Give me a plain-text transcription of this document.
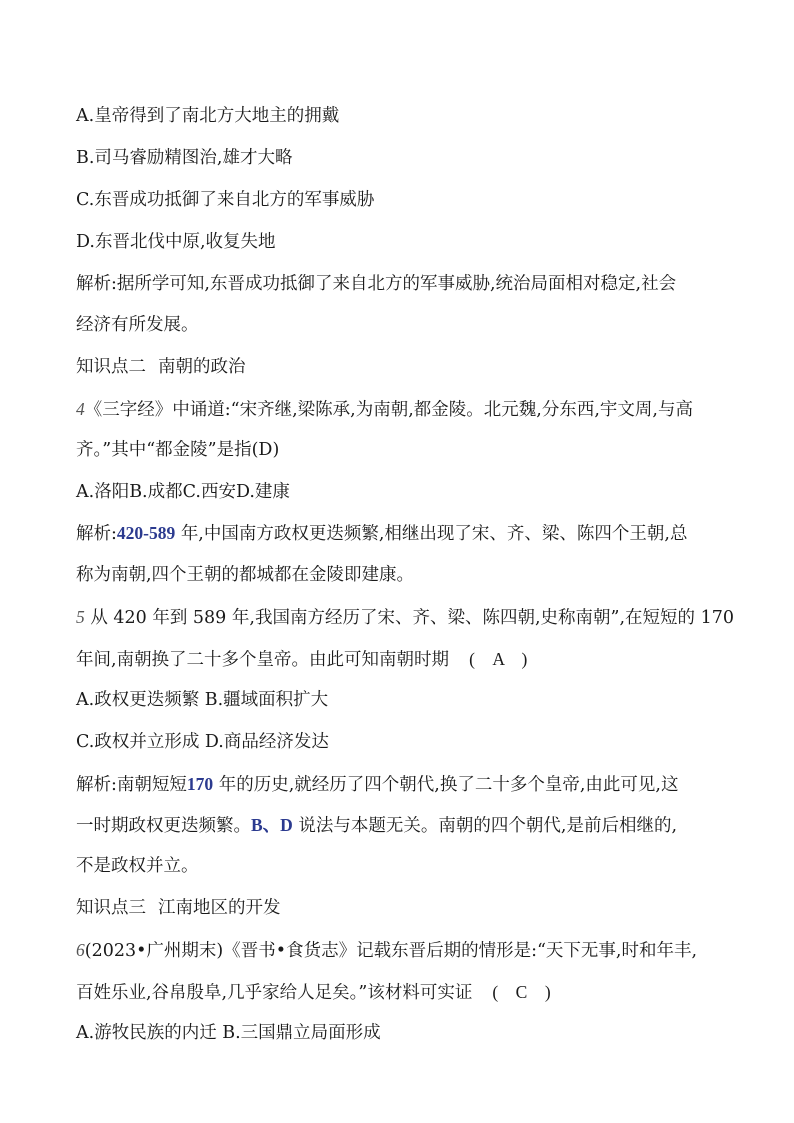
A.皇帝得到了南北方大地主的拥戴
B.司马睿励精图治,雄才大略
C.东晋成功抵御了来自北方的军事威胁
D.东晋北伐中原,收复失地
解析:据所学可知,东晋成功抵御了来自北方的军事威胁,统治局面相对稳定,社会
经济有所发展。
知识点二 南朝的政治
4《三字经》中诵道:“宋齐继,梁陈承,为南朝,都金陵。北元魏,分东西,宇文周,与高
齐。”其中“都金陵”是指(D)
A.洛阳B.成都C.西安D.建康
解析:420-589 年,中国南方政权更迭频繁,相继出现了宋、齐、梁、陈四个王朝,总
称为南朝,四个王朝的都城都在金陵即建康。
5 从 420 年到 589 年,我国南方经历了宋、齐、梁、陈四朝,史称南朝”,在短短的 170
年间,南朝换了二十多个皇帝。由此可知南朝时期 (　A　)
A.政权更迭频繁 B.疆域面积扩大
C.政权并立形成 D.商品经济发达
解析:南朝短短170 年的历史,就经历了四个朝代,换了二十多个皇帝,由此可见,这
一时期政权更迭频繁。B、D 说法与本题无关。南朝的四个朝代,是前后相继的,
不是政权并立。
知识点三 江南地区的开发
6(2023•广州期末)《晋书•食货志》记载东晋后期的情形是:“天下无事,时和年丰,
百姓乐业,谷帛殷阜,几乎家给人足矣。”该材料可实证 (　C　)
A.游牧民族的内迁 B.三国鼎立局面形成
